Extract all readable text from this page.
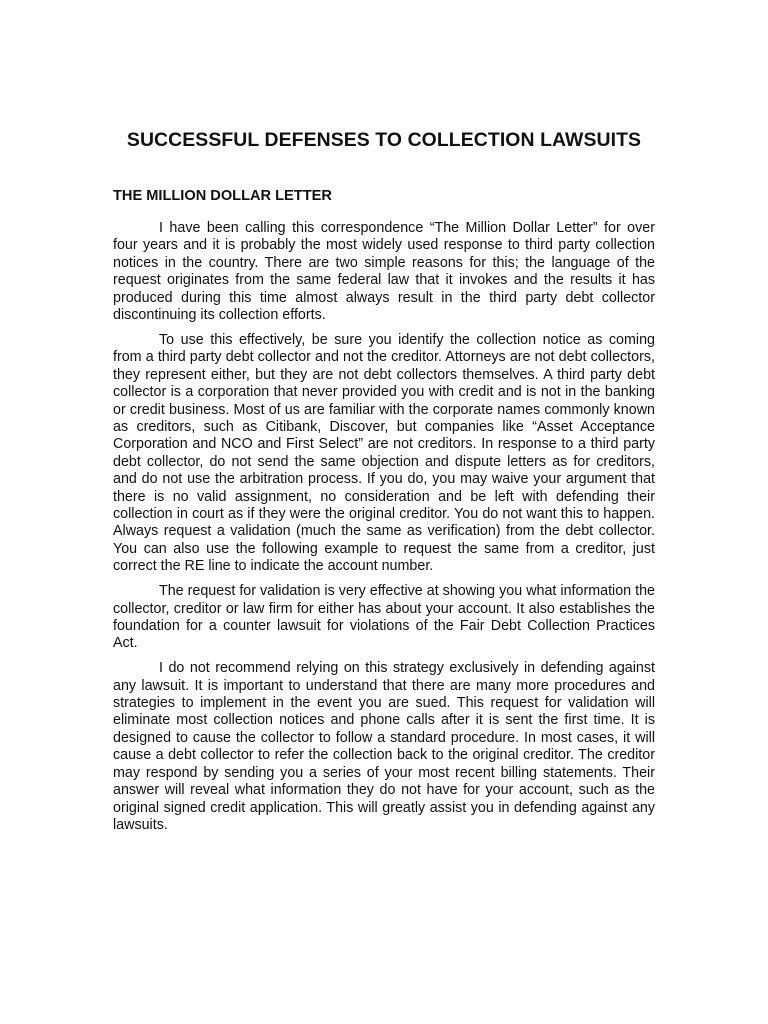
SUCCESSFUL DEFENSES TO COLLECTION LAWSUITS
THE MILLION DOLLAR LETTER

I have been calling this correspondence “The Million Dollar Letter” for over four years and it is probably the most widely used response to third party collection notices in the country. There are two simple reasons for this; the language of the request originates from the same federal law that it invokes and the results it has produced during this time almost always result in the third party debt collector discontinuing its collection efforts.

To use this effectively, be sure you identify the collection notice as coming from a third party debt collector and not the creditor. Attorneys are not debt collectors, they represent either, but they are not debt collectors themselves. A third party debt collector is a corporation that never provided you with credit and is not in the banking or credit business. Most of us are familiar with the corporate names commonly known as creditors, such as Citibank, Discover, but companies like “Asset Acceptance Corporation and NCO and First Select” are not creditors. In response to a third party debt collector, do not send the same objection and dispute letters as for creditors, and do not use the arbitration process. If you do, you may waive your argument that there is no valid assignment, no consideration and be left with defending their collection in court as if they were the original creditor. You do not want this to happen. Always request a validation (much the same as verification) from the debt collector. You can also use the following example to request the same from a creditor, just correct the RE line to indicate the account number.

The request for validation is very effective at showing you what information the collector, creditor or law firm for either has about your account. It also establishes the foundation for a counter lawsuit for violations of the Fair Debt Collection Practices Act.

I do not recommend relying on this strategy exclusively in defending against any lawsuit. It is important to understand that there are many more procedures and strategies to implement in the event you are sued. This request for validation will eliminate most collection notices and phone calls after it is sent the first time. It is designed to cause the collector to follow a standard procedure. In most cases, it will cause a debt collector to refer the collection back to the original creditor. The creditor may respond by sending you a series of your most recent billing statements. Their answer will reveal what information they do not have for your account, such as the original signed credit application. This will greatly assist you in defending against any lawsuits.
